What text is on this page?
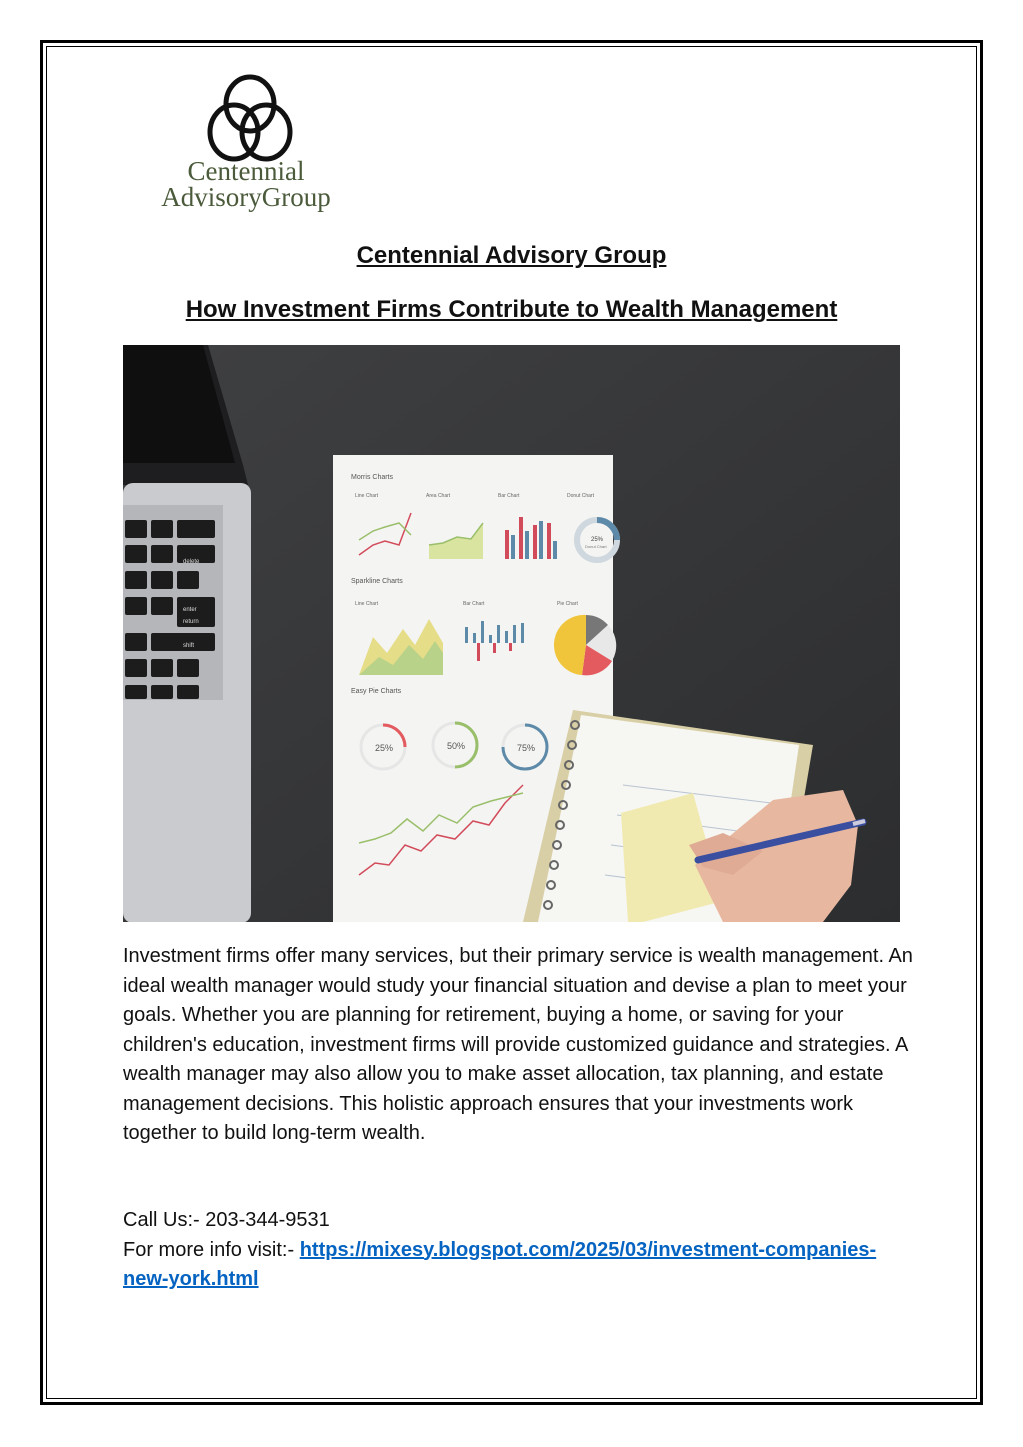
Centennial
AdvisoryGroup
Centennial Advisory Group
How Investment Firms Contribute to Wealth Management
delete
enter
return
shift
Morris Charts
Line Chart	Area Chart	Bar Chart	Donut Chart
25%
Donut Chart
Sparkline Charts
Line Chart	Bar Chart	Pie Chart
Easy Pie Charts
25%	50%	75%

Investment firms offer many services, but their primary service is wealth management. An ideal wealth manager would study your financial situation and devise a plan to meet your goals. Whether you are planning for retirement, buying a home, or saving for your children's education, investment firms will provide customized guidance and strategies. A wealth manager may also allow you to make asset allocation, tax planning, and estate management decisions. This holistic approach ensures that your investments work together to build long-term wealth.

Call Us:- 203-344-9531
For more info visit:- https://mixesy.blogspot.com/2025/03/investment-companies-new-york.html
